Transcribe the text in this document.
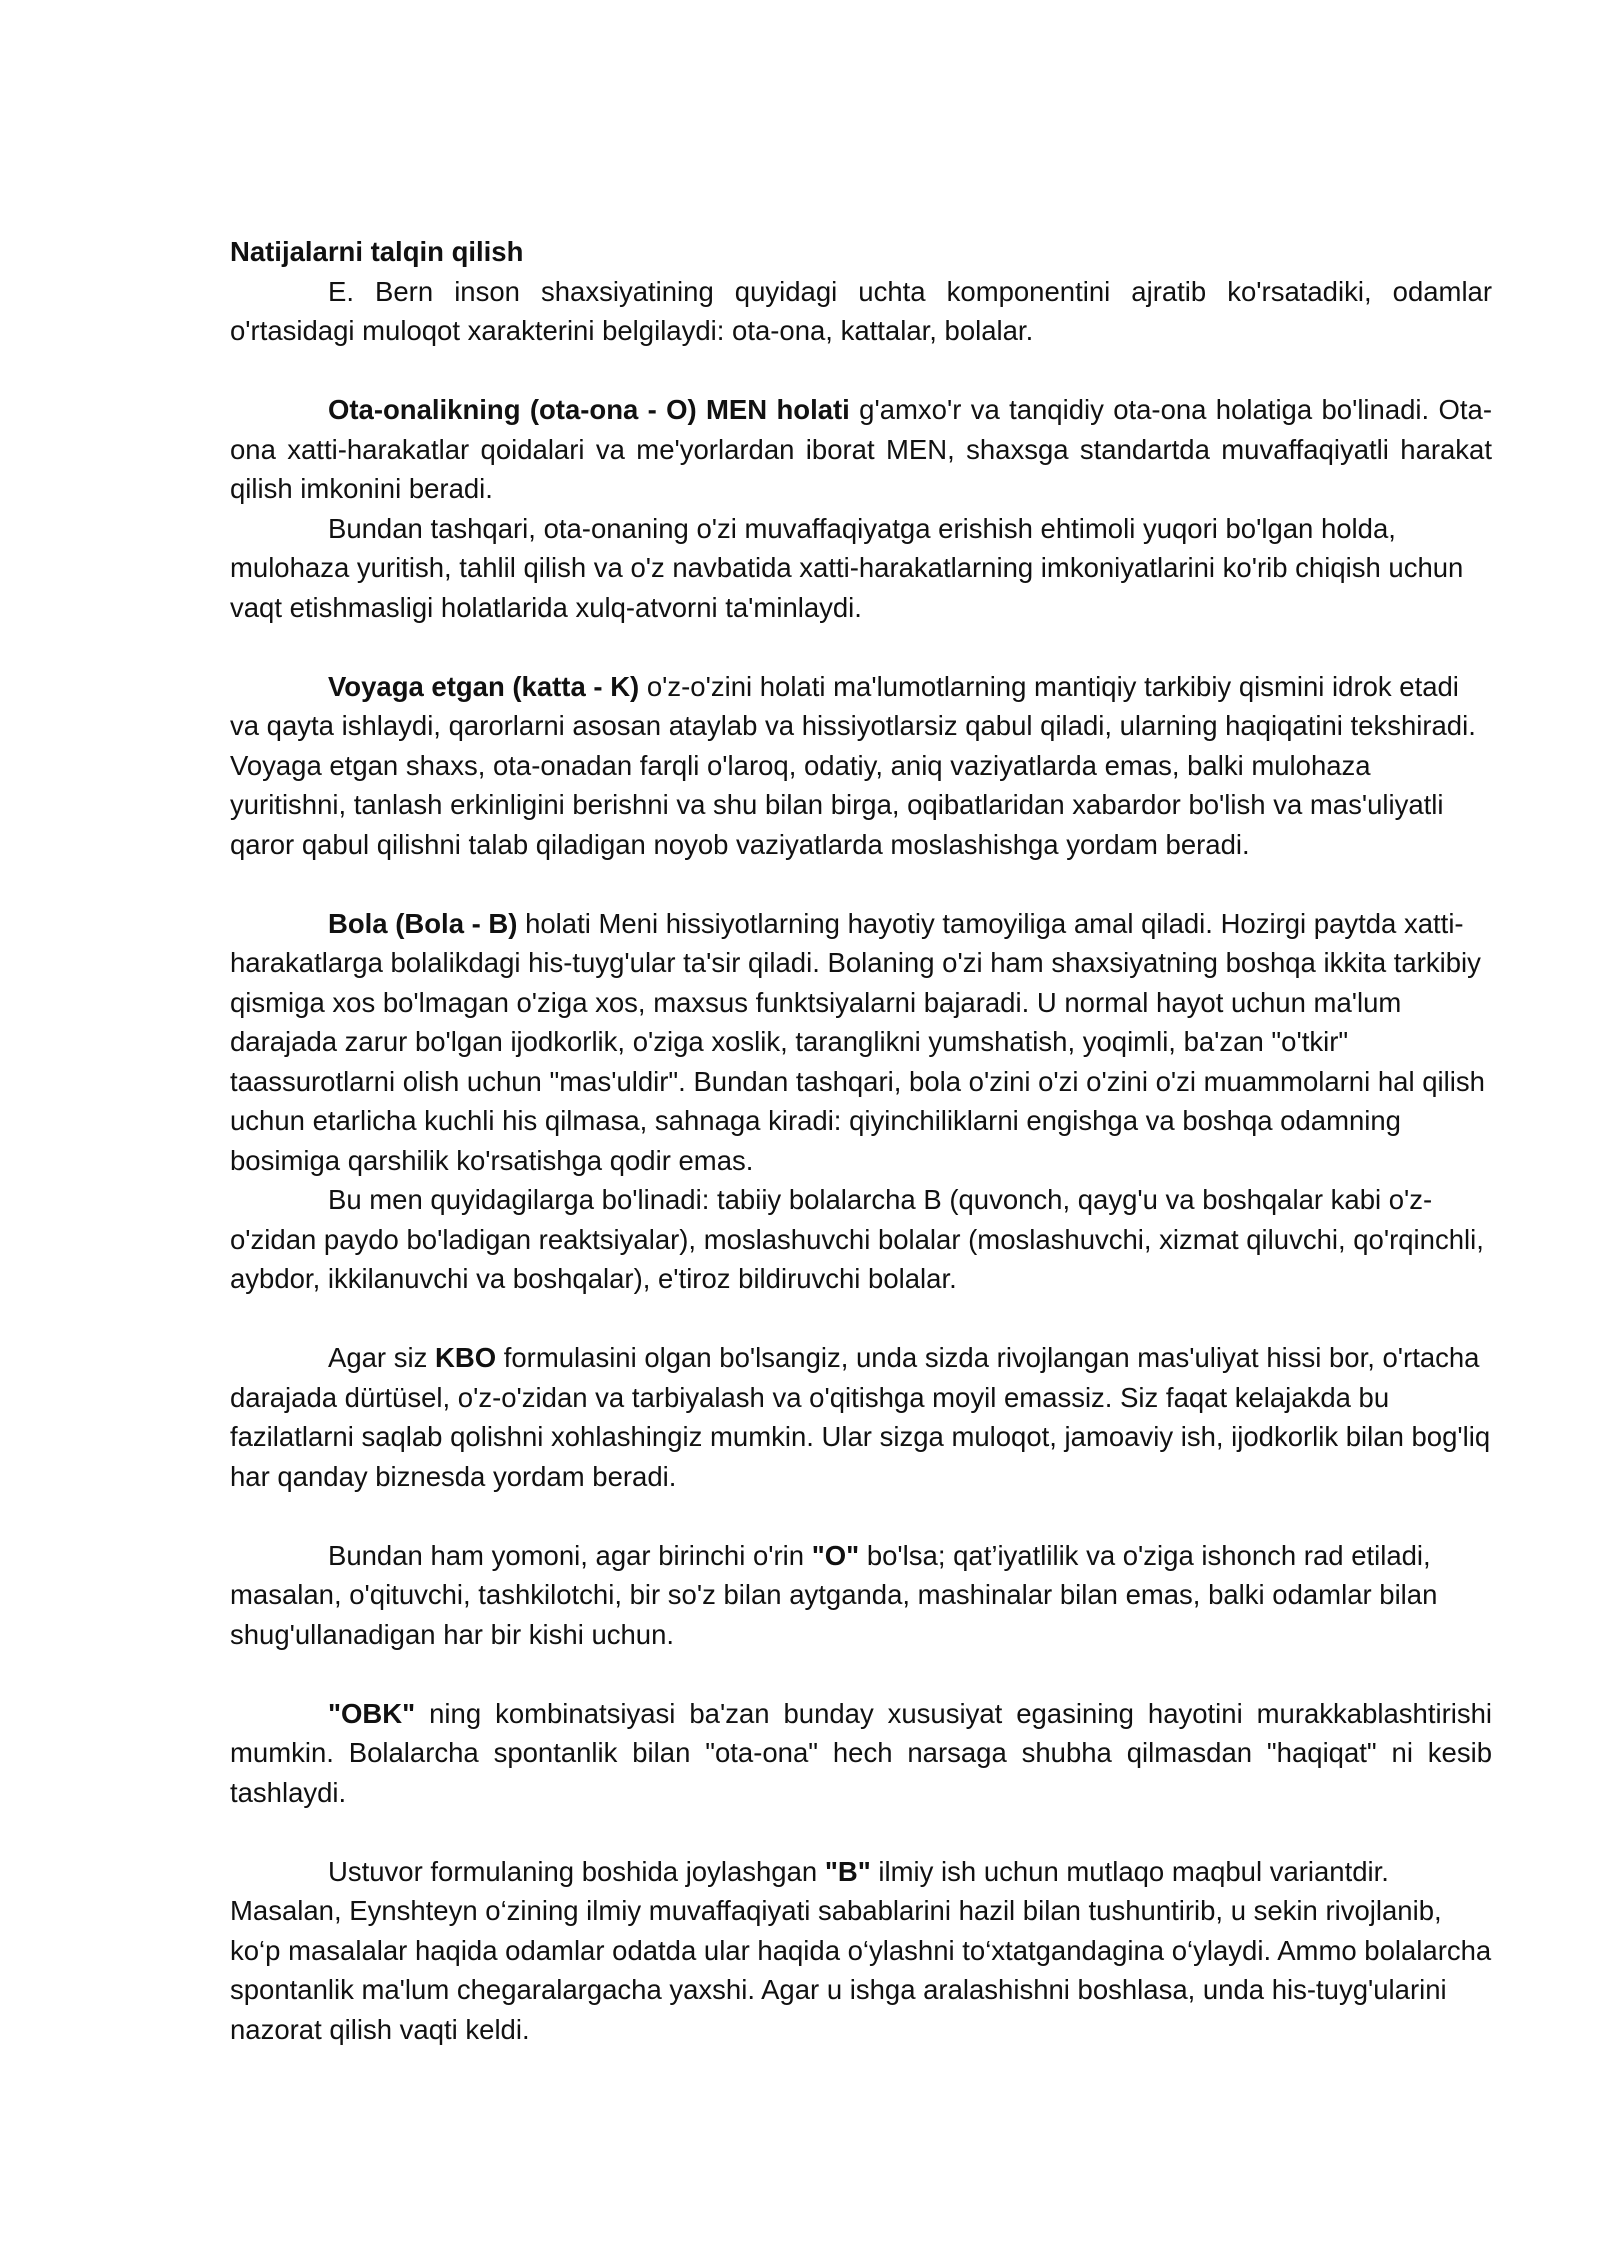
Natijalarni talqin qilish

E. Bern inson shaxsiyatining quyidagi uchta komponentini ajratib ko'rsatadiki, odamlar o'rtasidagi muloqot xarakterini belgilaydi: ota-ona, kattalar, bolalar.

Ota-onalikning (ota-ona - O) MEN holati g'amxo'r va tanqidiy ota-ona holatiga bo'linadi. Ota-ona xatti-harakatlar qoidalari va me'yorlardan iborat MEN, shaxsga standartda muvaffaqiyatli harakat qilish imkonini beradi.

Bundan tashqari, ota-onaning o'zi muvaffaqiyatga erishish ehtimoli yuqori bo'lgan holda, mulohaza yuritish, tahlil qilish va o'z navbatida xatti-harakatlarning imkoniyatlarini ko'rib chiqish uchun vaqt etishmasligi holatlarida xulq-atvorni ta'minlaydi.

Voyaga etgan (katta - K) o'z-o'zini holati ma'lumotlarning mantiqiy tarkibiy qismini idrok etadi va qayta ishlaydi, qarorlarni asosan ataylab va hissiyotlarsiz qabul qiladi, ularning haqiqatini tekshiradi. Voyaga etgan shaxs, ota-onadan farqli o'laroq, odatiy, aniq vaziyatlarda emas, balki mulohaza yuritishni, tanlash erkinligini berishni va shu bilan birga, oqibatlaridan xabardor bo'lish va mas'uliyatli qaror qabul qilishni talab qiladigan noyob vaziyatlarda moslashishga yordam beradi.

Bola (Bola - B) holati Meni hissiyotlarning hayotiy tamoyiliga amal qiladi. Hozirgi paytda xatti-harakatlarga bolalikdagi his-tuyg'ular ta'sir qiladi. Bolaning o'zi ham shaxsiyatning boshqa ikkita tarkibiy qismiga xos bo'lmagan o'ziga xos, maxsus funktsiyalarni bajaradi. U normal hayot uchun ma'lum darajada zarur bo'lgan ijodkorlik, o'ziga xoslik, taranglikni yumshatish, yoqimli, ba'zan "o'tkir" taassurotlarni olish uchun "mas'uldir". Bundan tashqari, bola o'zini o'zi o'zini o'zi muammolarni hal qilish uchun etarlicha kuchli his qilmasa, sahnaga kiradi: qiyinchiliklarni engishga va boshqa odamning bosimiga qarshilik ko'rsatishga qodir emas.

Bu men quyidagilarga bo'linadi: tabiiy bolalarcha B (quvonch, qayg'u va boshqalar kabi o'z-o'zidan paydo bo'ladigan reaktsiyalar), moslashuvchi bolalar (moslashuvchi, xizmat qiluvchi, qo'rqinchli, aybdor, ikkilanuvchi va boshqalar), e'tiroz bildiruvchi bolalar.

Agar siz KBO formulasini olgan bo'lsangiz, unda sizda rivojlangan mas'uliyat hissi bor, o'rtacha darajada dürtüsel, o'z-o'zidan va tarbiyalash va o'qitishga moyil emassiz. Siz faqat kelajakda bu fazilatlarni saqlab qolishni xohlashingiz mumkin. Ular sizga muloqot, jamoaviy ish, ijodkorlik bilan bog'liq har qanday biznesda yordam beradi.

Bundan ham yomoni, agar birinchi o'rin "O" bo'lsa; qat’iyatlilik va o'ziga ishonch rad etiladi, masalan, o'qituvchi, tashkilotchi, bir so'z bilan aytganda, mashinalar bilan emas, balki odamlar bilan shug'ullanadigan har bir kishi uchun.

"OBK" ning kombinatsiyasi ba'zan bunday xususiyat egasining hayotini murakkablashtirishi mumkin. Bolalarcha spontanlik bilan "ota-ona" hech narsaga shubha qilmasdan "haqiqat" ni kesib tashlaydi.

Ustuvor formulaning boshida joylashgan "B" ilmiy ish uchun mutlaqo maqbul variantdir. Masalan, Eynshteyn o‘zining ilmiy muvaffaqiyati sabablarini hazil bilan tushuntirib, u sekin rivojlanib, ko‘p masalalar haqida odamlar odatda ular haqida o‘ylashni to‘xtatgandagina o‘ylaydi. Ammo bolalarcha spontanlik ma'lum chegaralargacha yaxshi. Agar u ishga aralashishni boshlasa, unda his-tuyg'ularini nazorat qilish vaqti keldi.
